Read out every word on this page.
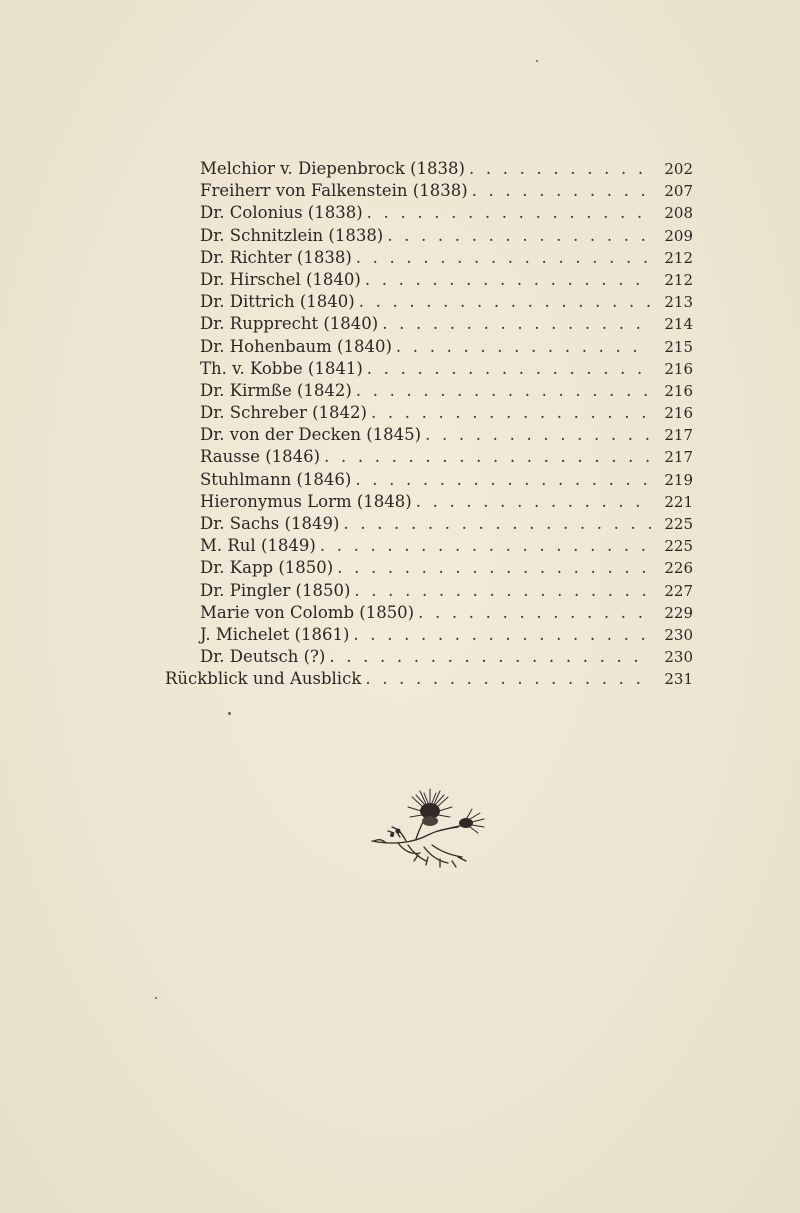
Melchior v. Diepenbrock (1838) . . .	202
Freiherr von Falkenstein (1838) . . .	207
Dr. Colonius (1838) . . .	208
Dr. Schnitzlein (1838) . . .	209
Dr. Richter (1838) . . .	212
Dr. Hirschel (1840) . . .	212
Dr. Dittrich (1840) . . .	213
Dr. Rupprecht (1840) . . .	214
Dr. Hohenbaum (1840) . . .	215
Th. v. Kobbe (1841) . . .	216
Dr. Kirmße (1842) . . .	216
Dr. Schreber (1842) . . .	216
Dr. von der Decken (1845) . . .	217
Rausse (1846) . . .	217
Stuhlmann (1846) . . .	219
Hieronymus Lorm (1848) . . .	221
Dr. Sachs (1849) . . .	225
M. Rul (1849) . . .	225
Dr. Kapp (1850) . . .	226
Dr. Pingler (1850) . . .	227
Marie von Colomb (1850) . . .	229
J. Michelet (1861) . . .	230
Dr. Deutsch (?) . . .	230
Rückblick und Ausblick . . .	231
